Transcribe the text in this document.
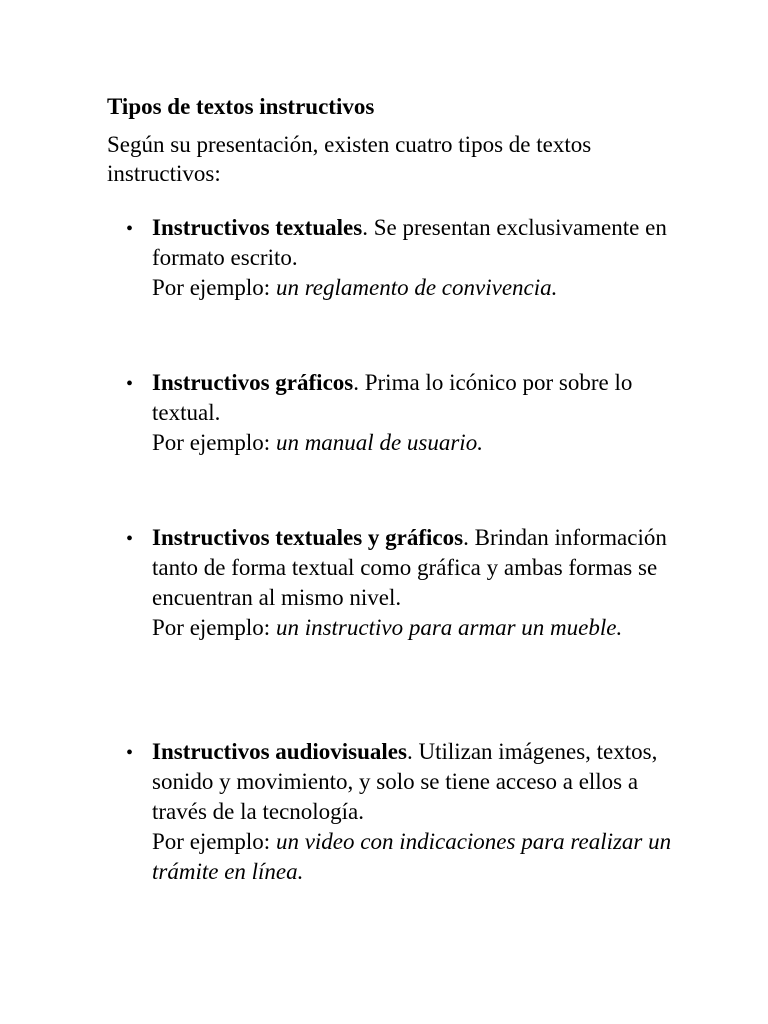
Tipos de textos instructivos

Según su presentación, existen cuatro tipos de textos instructivos:

• Instructivos textuales. Se presentan exclusivamente en formato escrito.
Por ejemplo: un reglamento de convivencia.
• Instructivos gráficos. Prima lo icónico por sobre lo textual.
Por ejemplo: un manual de usuario.
• Instructivos textuales y gráficos. Brindan información tanto de forma textual como gráfica y ambas formas se encuentran al mismo nivel.
Por ejemplo: un instructivo para armar un mueble.
• Instructivos audiovisuales. Utilizan imágenes, textos, sonido y movimiento, y solo se tiene acceso a ellos a través de la tecnología.
Por ejemplo: un video con indicaciones para realizar un trámite en línea.
